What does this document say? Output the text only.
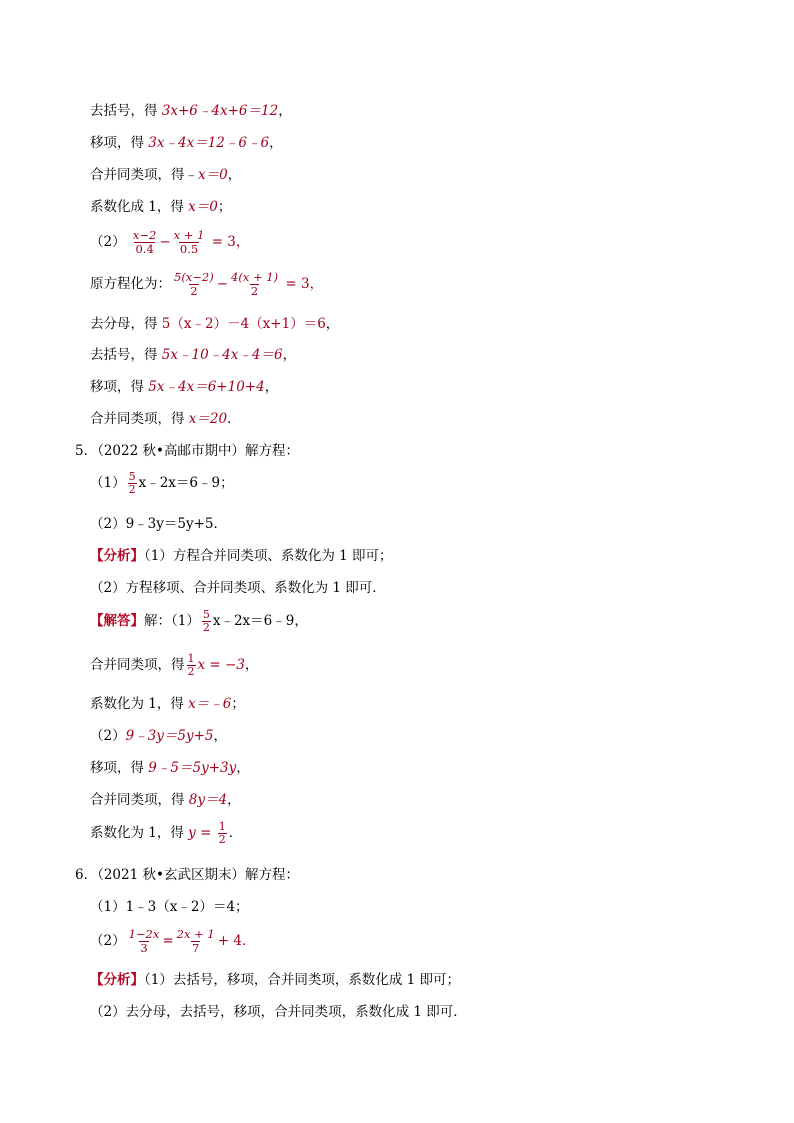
去括号，得 3x+6﹣4x+6＝12，
移项，得 3x﹣4x＝12﹣6﹣6，
合并同类项，得﹣x＝0，
系数化成 1，得 x＝0；
$(2) \frac{x-2}{0.4} - \frac{x + 1}{0.5} = 3$，
原方程化为： $\frac{5(x-2)}{2} - \frac{4(x + 1)}{2} = 3$，
去分母，得 5（x﹣2）－4（x+1）＝6，
去括号，得 5x﹣10﹣4x﹣4＝6，
移项，得 5x﹣4x＝6+10+4，
合并同类项，得 x＝20．
5．（2022 秋•高邮市期中）解方程：
$(1) \frac{5}{2}$ x﹣2x＝6﹣9；
（2）9﹣3y＝5y+5．
【分析】（1）方程合并同类项、系数化为 1 即可；
（2）方程移项、合并同类项、系数化为 1 即可．
【解答】解：$(1) \frac{5}{2}$ x﹣2x＝6﹣9，
合并同类项，得 $\frac{1}{2}$ x = −3，
系数化为 1，得 x＝﹣6；
（2）9﹣3y＝5y+5，
移项，得 9﹣5＝5y+3y，
合并同类项，得 8y＝4，
系数化为 1，得 $y = \frac{1}{2}$ ．
6．（2021 秋•玄武区期末）解方程：
（1）1﹣3（x﹣2）＝4；
$(2) \frac{1-2x}{3} = \frac{2x + 1}{7} + 4$．
【分析】（1）去括号，移项，合并同类项，系数化成 1 即可；
（2）去分母，去括号，移项，合并同类项，系数化成 1 即可．
